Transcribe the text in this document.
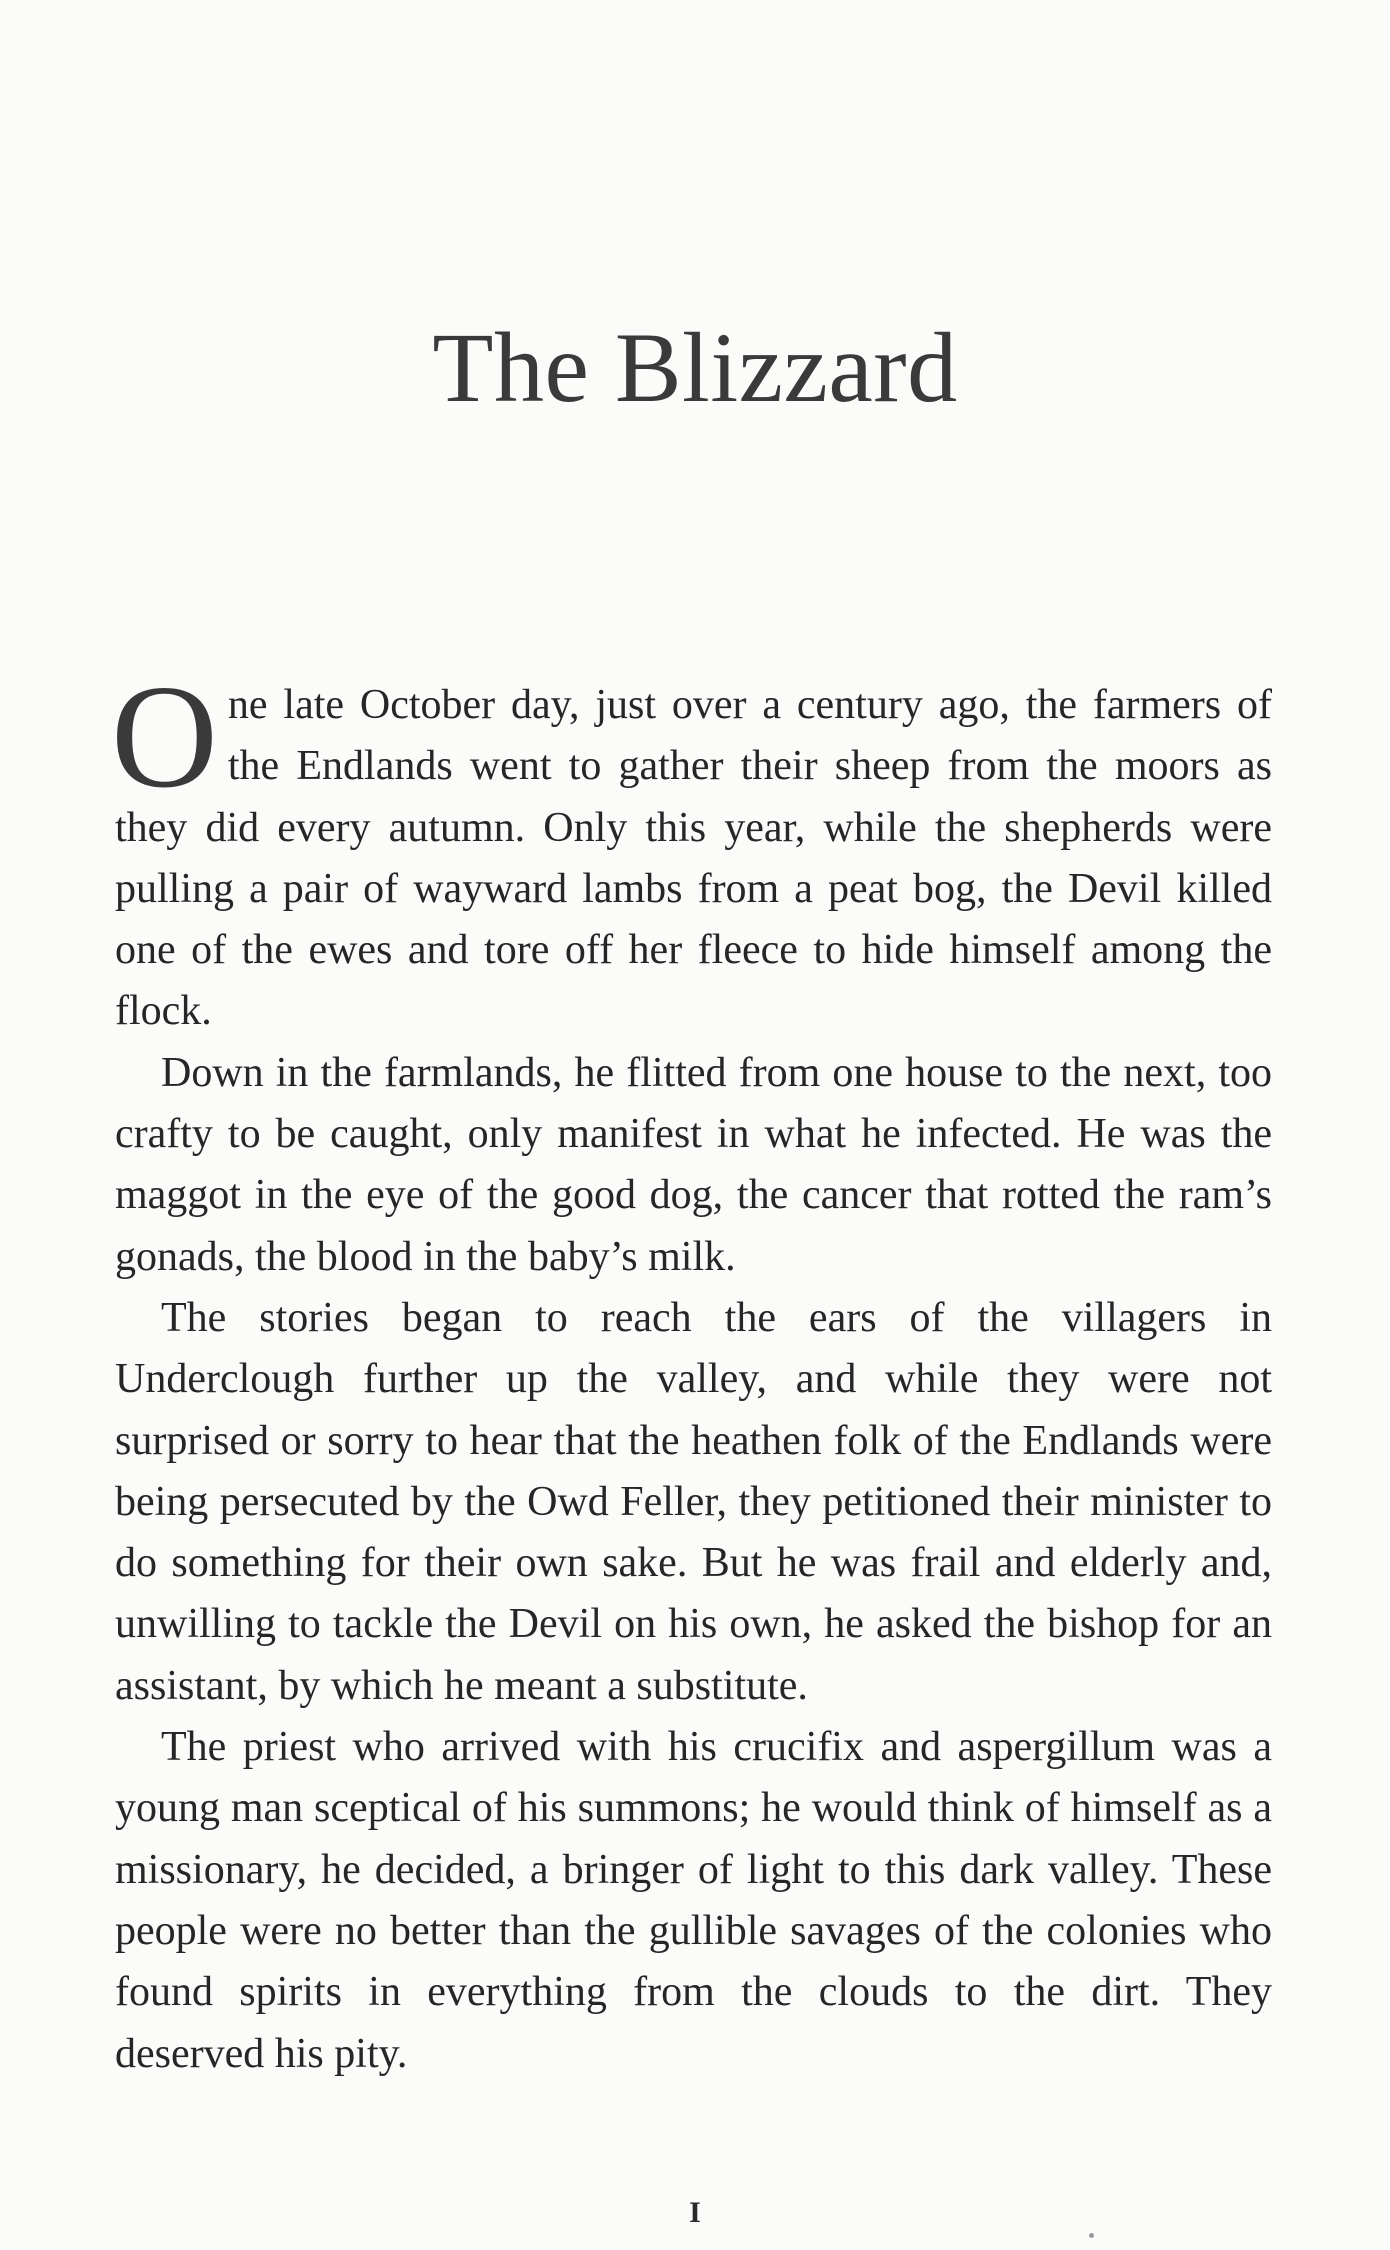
The Blizzard

One late October day, just over a century ago, the farmers of the Endlands went to gather their sheep from the moors as they did every autumn. Only this year, while the shepherds were pulling a pair of wayward lambs from a peat bog, the Devil killed one of the ewes and tore off her fleece to hide himself among the flock.

Down in the farmlands, he flitted from one house to the next, too crafty to be caught, only manifest in what he infected. He was the maggot in the eye of the good dog, the cancer that rotted the ram’s gonads, the blood in the baby’s milk.

The stories began to reach the ears of the villagers in Underclough further up the valley, and while they were not surprised or sorry to hear that the heathen folk of the Endlands were being persecuted by the Owd Feller, they petitioned their minister to do something for their own sake. But he was frail and elderly and, unwilling to tackle the Devil on his own, he asked the bishop for an assistant, by which he meant a substitute.

The priest who arrived with his crucifix and aspergillum was a young man sceptical of his summons; he would think of himself as a missionary, he decided, a bringer of light to this dark valley. These people were no better than the gullible savages of the colonies who found spirits in everything from the clouds to the dirt. They deserved his pity.

I
